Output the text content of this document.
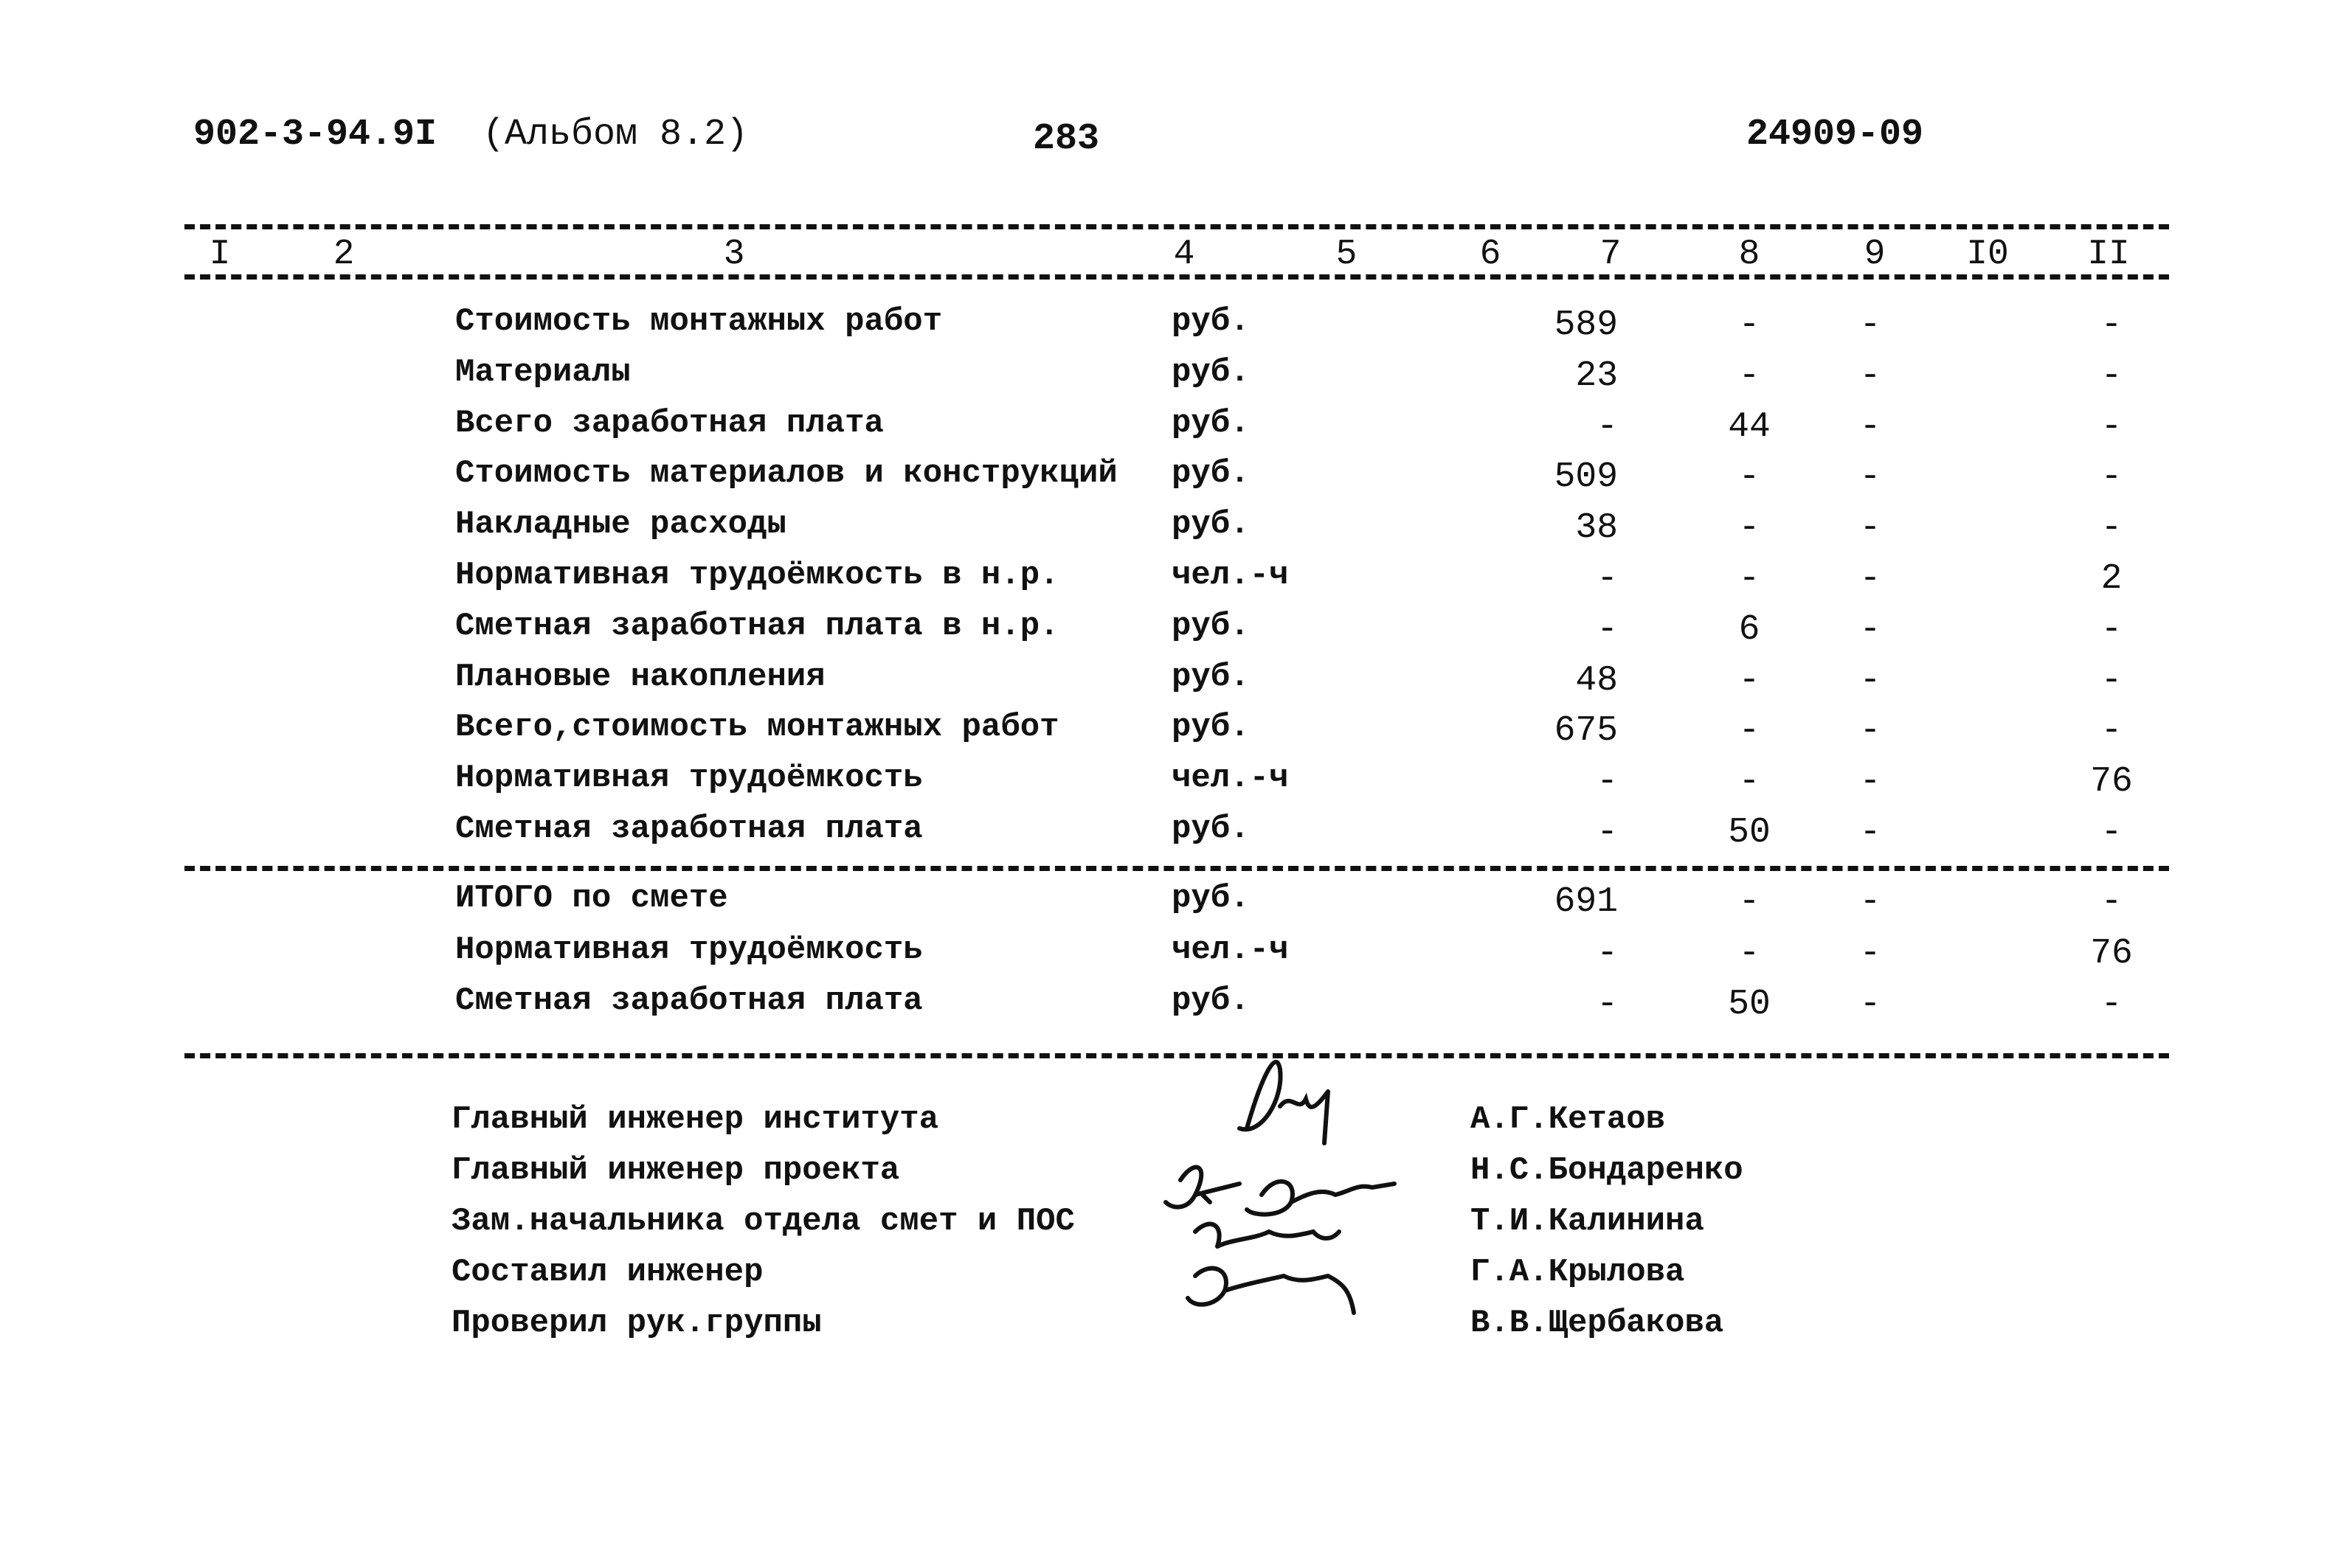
902-3-94.9I (Альбом 8.2)	283	24909-09
I	2	3	4	5	6	7	8	9 I0 II
Стоимость монтажных работ	руб.	589	-	-	-
Материалы	руб.	23	-	-	-
Всего заработная плата	руб.	-	44	-	-
Стоимость материалов и конструкций руб.	509	-	-	-
Накладные расходы	руб.	38	-	-	-
Нормативная трудоёмкость в н.р.	чел.-ч	-	-	-	2
Сметная заработная плата в н.р.	руб.	-	6	-	-
Плановые накопления	руб.	48	-	-	-
Всего,стоимость монтажных работ	руб.	675	-	-	-
Нормативная трудоёмкость	чел.-ч	-	-	-	76
Сметная заработная плата	руб.	-	50	-	-
ИТОГО по смете	руб.	691	-	-	-
Нормативная трудоёмкость	чел.-ч	-	-	-	76
Сметная заработная плата	руб.	-	50	-	-
Главный инженер института	А.Г.Кетаов
Главный инженер проекта	Н.С.Бондаренко
Зам.начальника отдела смет и ПОС	Т.И.Калинина
Составил инженер	Г.А.Крылова
Проверил рук.группы	В.В.Щербакова
